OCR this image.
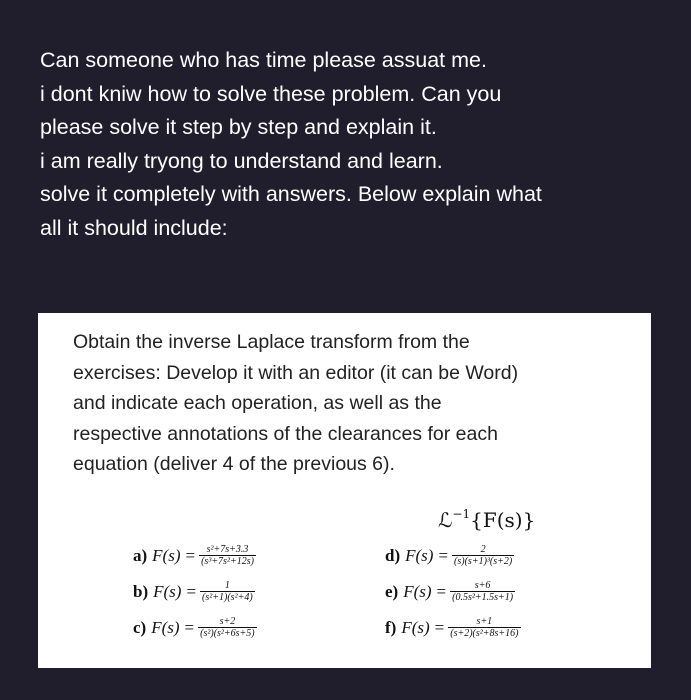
Can someone who has time please assuat me.
i dont kniw how to solve these problem. Can you
please solve it step by step and explain it.
i am really tryong to understand and learn.
solve it completely with answers. Below explain what
all it should include:
Obtain the inverse Laplace transform from the
exercises: Develop it with an editor (it can be Word)
and indicate each operation, as well as the
respective annotations of the clearances for each
equation (deliver 4 of the previous 6).
ℒ$^{-1}${F(s)}
a) $F(s) = \frac{\text{s²+7s+3.3}}{\text{(s³+7s²+12s)}}$
b) $F(s) = \frac{1}{\text{(s²+1)(s²+4)}}$
c) $F(s) = \frac{s+2}{\text{(s²)(s²+6s+5)}}$
d) $F(s) = \frac{2}{\text{(s)(s+1)³(s+2)}}$
e) $F(s) = \frac{s+6}{\text{(0.5s²+1.5s+1)}}$
f) $F(s) = \frac{s+1}{\text{(s+2)(s²+8s+16)}}$
